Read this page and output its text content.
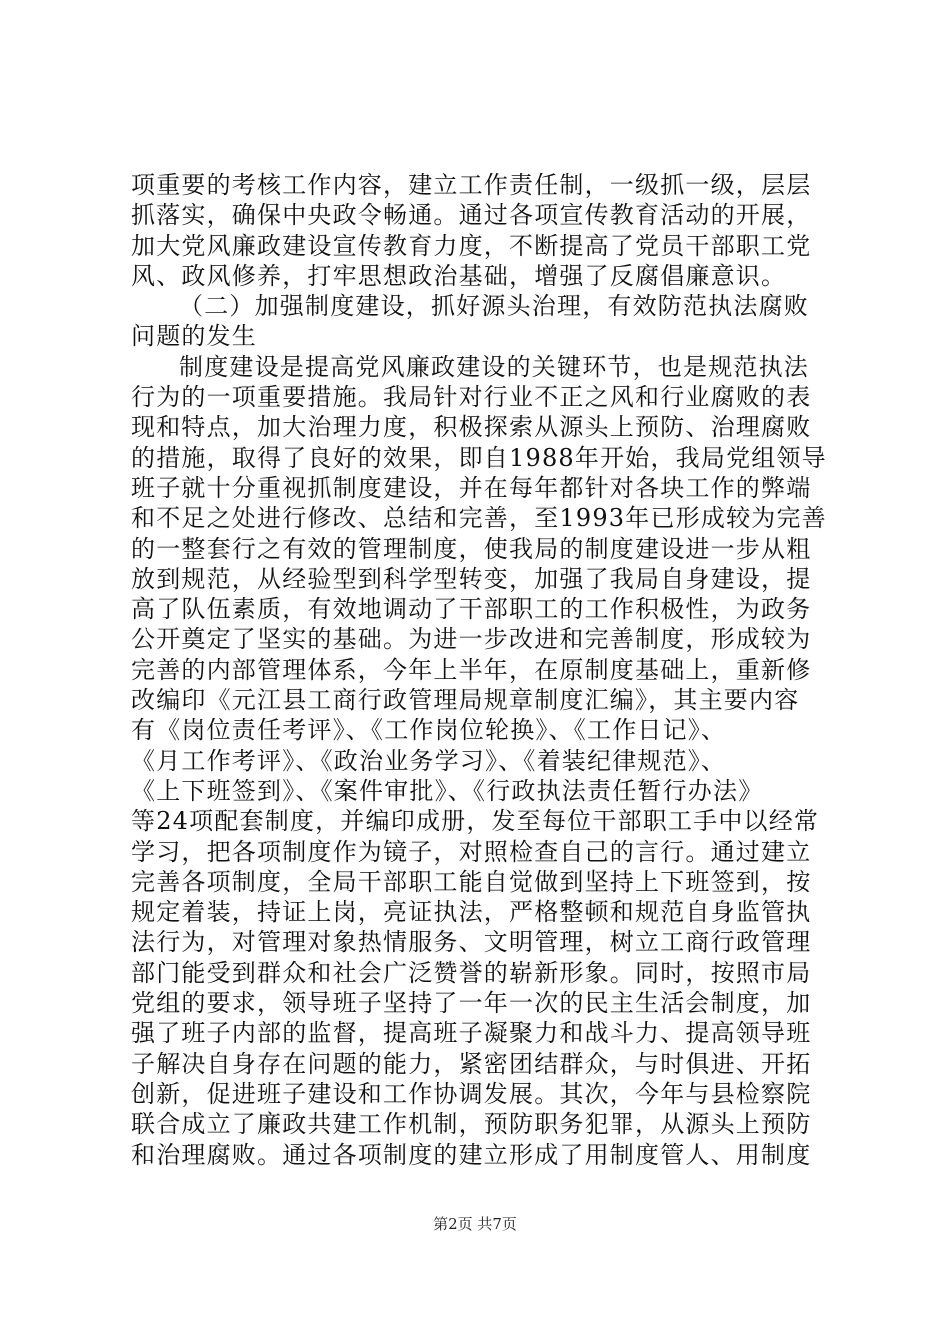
项重要的考核工作内容，建立工作责任制，一级抓一级，层层
抓落实，确保中央政令畅通。通过各项宣传教育活动的开展，
加大党风廉政建设宣传教育力度，不断提高了党员干部职工党
风、政风修养，打牢思想政治基础，增强了反腐倡廉意识。
（二）加强制度建设，抓好源头治理，有效防范执法腐败
问题的发生
制度建设是提高党风廉政建设的关键环节，也是规范执法
行为的一项重要措施。我局针对行业不正之风和行业腐败的表
现和特点，加大治理力度，积极探索从源头上预防、治理腐败
的措施，取得了良好的效果，即自1988年开始，我局党组领导
班子就十分重视抓制度建设，并在每年都针对各块工作的弊端
和不足之处进行修改、总结和完善，至1993年已形成较为完善
的一整套行之有效的管理制度，使我局的制度建设进一步从粗
放到规范，从经验型到科学型转变，加强了我局自身建设，提
高了队伍素质，有效地调动了干部职工的工作积极性，为政务
公开奠定了坚实的基础。为进一步改进和完善制度，形成较为
完善的内部管理体系，今年上半年，在原制度基础上，重新修
改编印《元江县工商行政管理局规章制度汇编》，其主要内容
有《岗位责任考评》、《工作岗位轮换》、《工作日记》、
《月工作考评》、《政治业务学习》、《着装纪律规范》、
《上下班签到》、《案件审批》、《行政执法责任暂行办法》
等24项配套制度，并编印成册，发至每位干部职工手中以经常
学习，把各项制度作为镜子，对照检查自己的言行。通过建立
完善各项制度，全局干部职工能自觉做到坚持上下班签到，按
规定着装，持证上岗，亮证执法，严格整顿和规范自身监管执
法行为，对管理对象热情服务、文明管理，树立工商行政管理
部门能受到群众和社会广泛赞誉的崭新形象。同时，按照市局
党组的要求，领导班子坚持了一年一次的民主生活会制度，加
强了班子内部的监督，提高班子凝聚力和战斗力、提高领导班
子解决自身存在问题的能力，紧密团结群众，与时俱进、开拓
创新，促进班子建设和工作协调发展。其次，今年与县检察院
联合成立了廉政共建工作机制，预防职务犯罪，从源头上预防
和治理腐败。通过各项制度的建立形成了用制度管人、用制度
第2页 共7页
